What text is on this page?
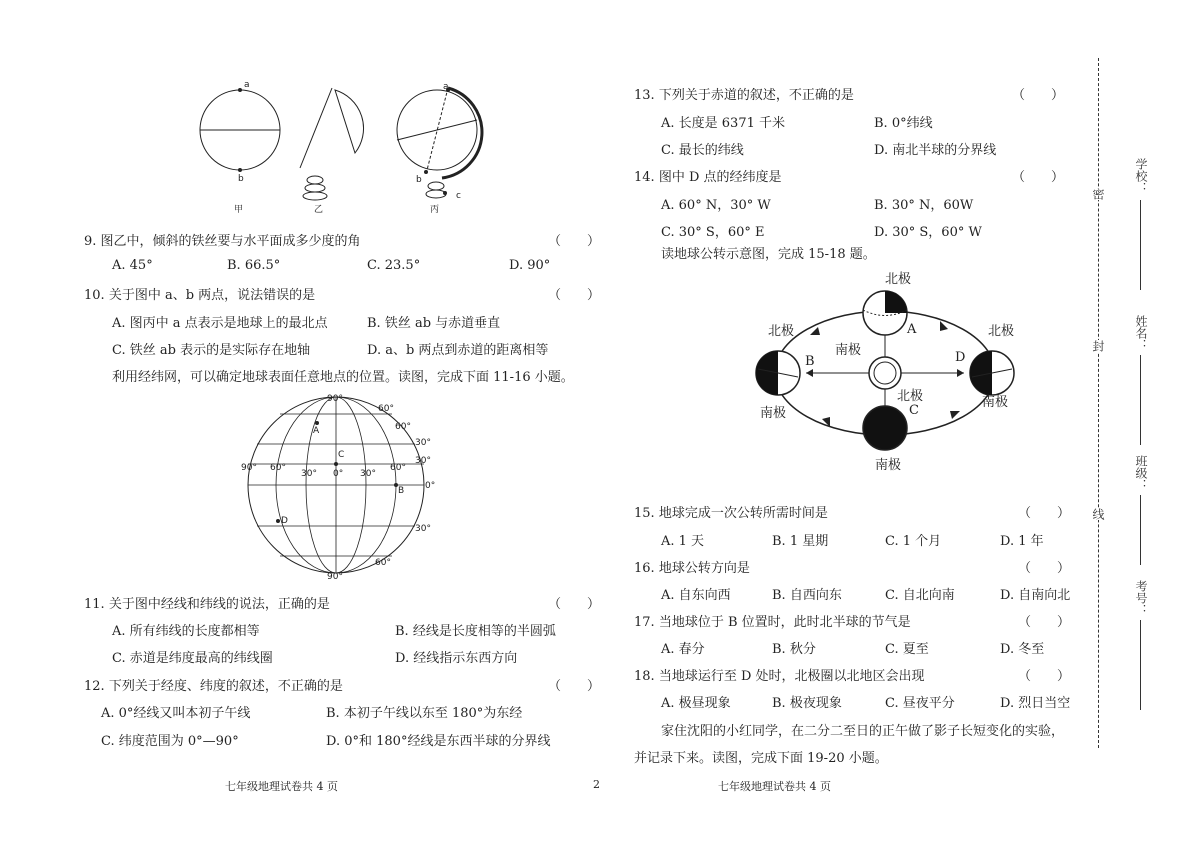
a
b
a
b
c
甲	乙	丙
9. 图乙中，倾斜的铁丝要与水平面成多少度的角	（　　）
A. 45°	B. 66.5°	C. 23.5°	D. 90°
10. 关于图中 a、b 两点，说法错误的是	（　　）
A. 图丙中 a 点表示是地球上的最北点	B. 铁丝 ab 与赤道垂直
C. 铁丝 ab 表示的是实际存在地轴	D. a、b 两点到赤道的距离相等
利用经纬网，可以确定地球表面任意地点的位置。读图，完成下面 11-16 小题。
90°
60°
30°
0°
30°
60°
90°
60°
30° 0° 30°
60°
90°
30°
60°
A
B
C
D
11. 关于图中经线和纬线的说法，正确的是	（　　）
A. 所有纬线的长度都相等	B. 经线是长度相等的半圆弧
C. 赤道是纬度最高的纬线圈	D. 经线指示东西方向
12. 下列关于经度、纬度的叙述，不正确的是	（　　）
A. 0°经线又叫本初子午线	B. 本初子午线以东至 180°为东经
C. 纬度范围为 0°—90°	D. 0°和 180°经线是东西半球的分界线
七年级地理试卷共 4 页	2	七年级地理试卷共 4 页
13. 下列关于赤道的叙述，不正确的是	（　　）
A. 长度是 6371 千米	B. 0°纬线
C. 最长的纬线	D. 南北半球的分界线
14. 图中 D 点的经纬度是	（　　）
A. 60° N，30° W	B. 30° N，60W
C. 30° S，60° E	D. 30° S，60° W
读地球公转示意图，完成 15-18 题。
北极
南极
A
北极
B
南极
北极
C
南极
北极
D
南极
15. 地球完成一次公转所需时间是	（　　）
A. 1 天	B. 1 星期	C. 1 个月	D. 1 年
16. 地球公转方向是	（　　）
A. 自东向西	B. 自西向东	C. 自北向南	D. 自南向北
17. 当地球位于 B 位置时，此时北半球的节气是	（　　）
A. 春分	B. 秋分	C. 夏至	D. 冬至
18. 当地球运行至 D 处时，北极圈以北地区会出现	（　　）
A. 极昼现象	B. 极夜现象	C. 昼夜平分	D. 烈日当空
家住沈阳的小红同学，在二分二至日的正午做了影子长短变化的实验，
并记录下来。读图，完成下面 19-20 小题。
密
封
线
学校：
姓名：
班级：
考号：
